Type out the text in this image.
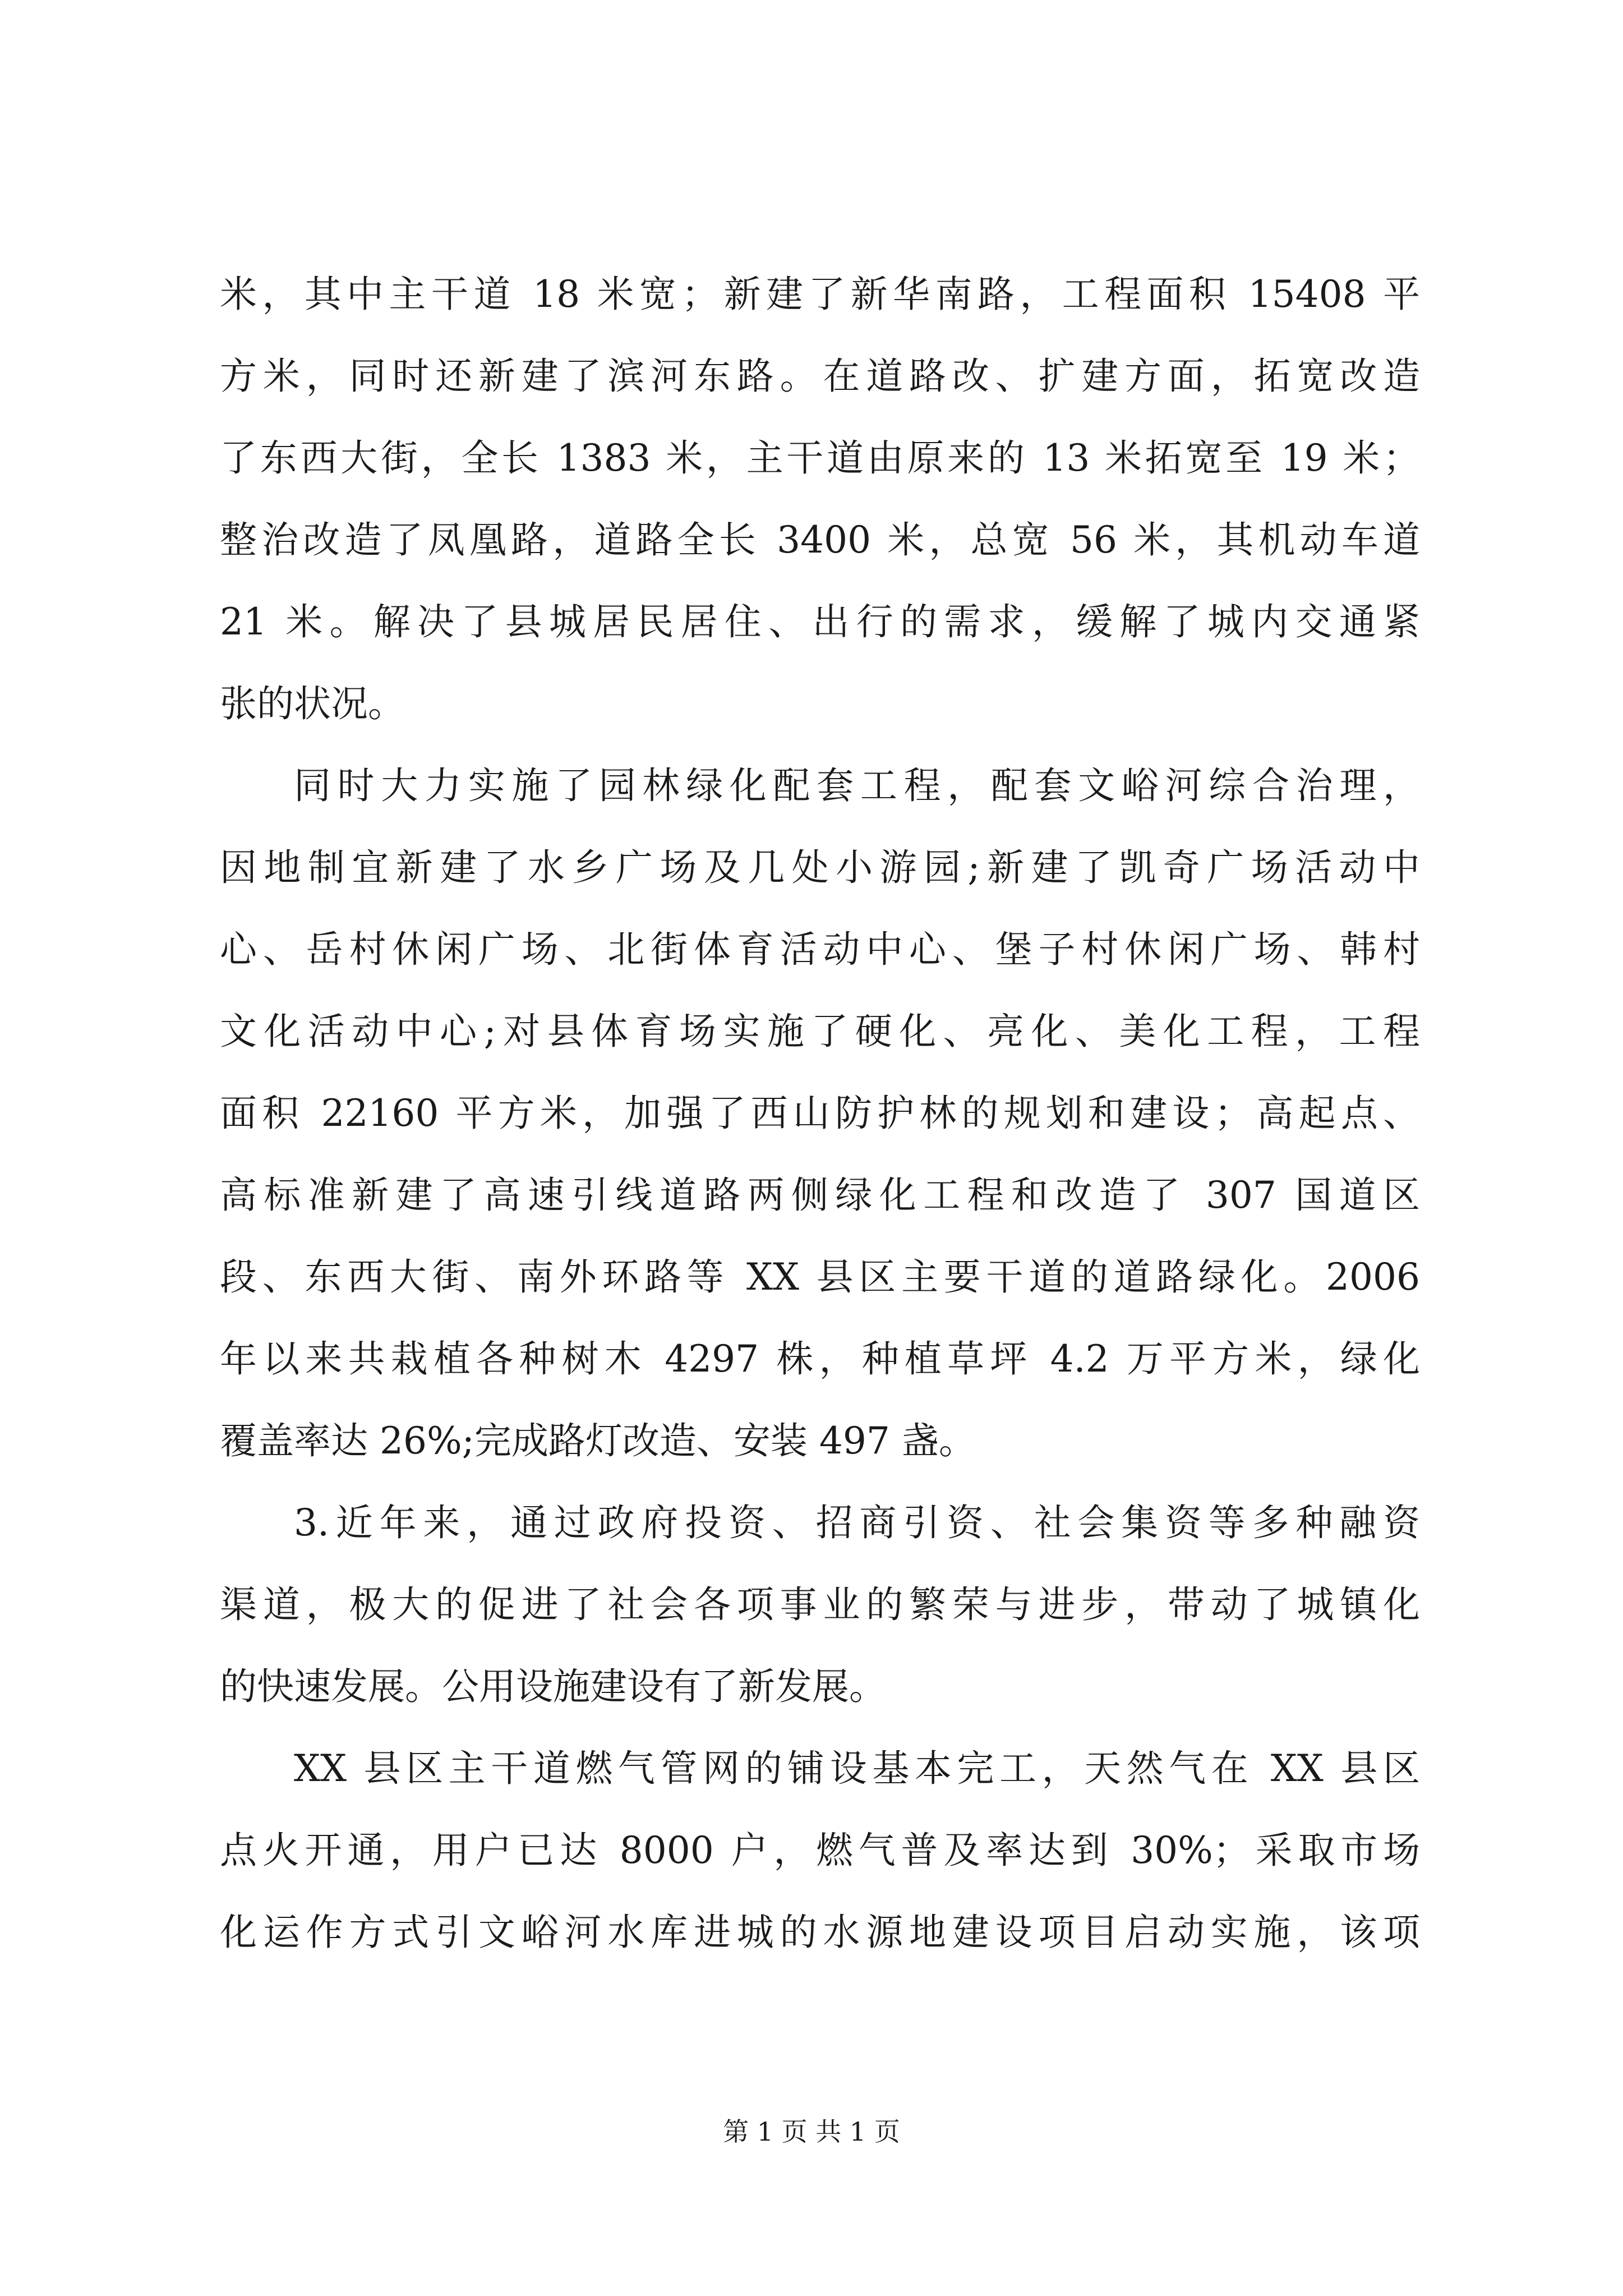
米，其中主干道 18 米宽；新建了新华南路，工程面积 15408 平
方米，同时还新建了滨河东路。在道路改、扩建方面，拓宽改造
了东西大街，全长 1383 米，主干道由原来的 13 米拓宽至 19 米；
整治改造了凤凰路，道路全长 3400 米，总宽 56 米，其机动车道
21 米。解决了县城居民居住、出行的需求，缓解了城内交通紧
张的状况。
同时大力实施了园林绿化配套工程，配套文峪河综合治理，
因地制宜新建了水乡广场及几处小游园;新建了凯奇广场活动中
心、岳村休闲广场、北街体育活动中心、堡子村休闲广场、韩村
文化活动中心;对县体育场实施了硬化、亮化、美化工程，工程
面积 22160 平方米，加强了西山防护林的规划和建设；高起点、
高标准新建了高速引线道路两侧绿化工程和改造了 307 国道区
段、东西大街、南外环路等 XX 县区主要干道的道路绿化。2006
年以来共栽植各种树木 4297 株，种植草坪 4.2 万平方米，绿化
覆盖率达 26%;完成路灯改造、安装 497 盏。
3.近年来，通过政府投资、招商引资、社会集资等多种融资
渠道，极大的促进了社会各项事业的繁荣与进步，带动了城镇化
的快速发展。公用设施建设有了新发展。
XX 县区主干道燃气管网的铺设基本完工，天然气在 XX 县区
点火开通，用户已达 8000 户，燃气普及率达到 30%；采取市场
化运作方式引文峪河水库进城的水源地建设项目启动实施，该项
第 1 页 共 1 页
